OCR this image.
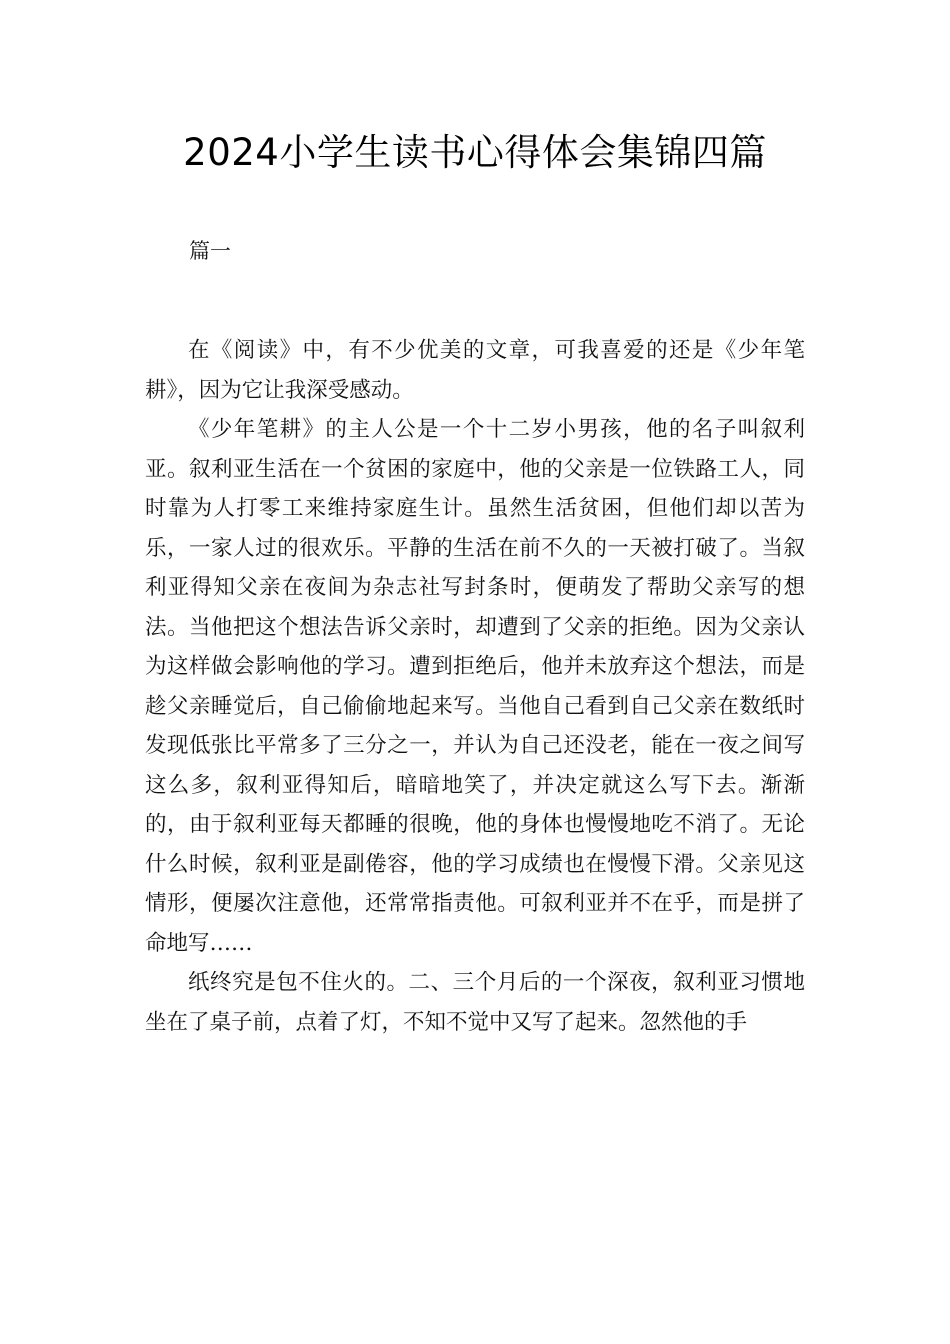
2024小学生读书心得体会集锦四篇

篇一

在《阅读》中，有不少优美的文章，可我喜爱的还是《少年笔耕》，因为它让我深受感动。

《少年笔耕》的主人公是一个十二岁小男孩，他的名子叫叙利亚。叙利亚生活在一个贫困的家庭中，他的父亲是一位铁路工人，同时靠为人打零工来维持家庭生计。虽然生活贫困，但他们却以苦为乐，一家人过的很欢乐。平静的生活在前不久的一天被打破了。当叙利亚得知父亲在夜间为杂志社写封条时，便萌发了帮助父亲写的想法。当他把这个想法告诉父亲时，却遭到了父亲的拒绝。因为父亲认为这样做会影响他的学习。遭到拒绝后，他并未放弃这个想法，而是趁父亲睡觉后，自己偷偷地起来写。当他自己看到自己父亲在数纸时发现低张比平常多了三分之一，并认为自己还没老，能在一夜之间写这么多，叙利亚得知后，暗暗地笑了，并决定就这么写下去。渐渐的，由于叙利亚每天都睡的很晚，他的身体也慢慢地吃不消了。无论什么时候，叙利亚是副倦容，他的学习成绩也在慢慢下滑。父亲见这情形，便屡次注意他，还常常指责他。可叙利亚并不在乎，而是拼了命地写……

纸终究是包不住火的。二、三个月后的一个深夜，叙利亚习惯地坐在了桌子前，点着了灯，不知不觉中又写了起来。忽然他的手
